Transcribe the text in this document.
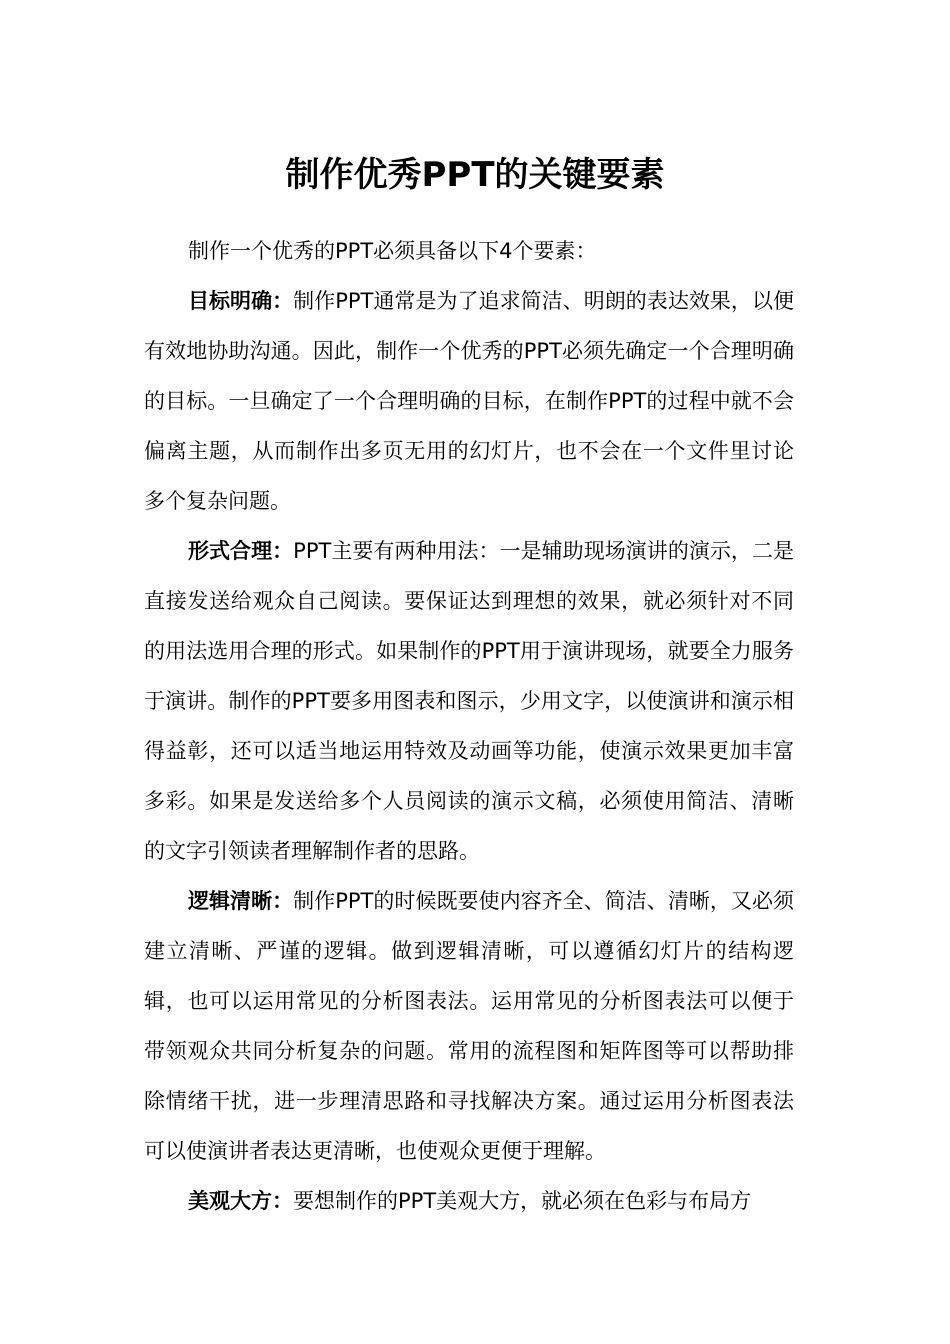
制作优秀PPT的关键要素

制作一个优秀的PPT必须具备以下4个要素：

目标明确：制作PPT通常是为了追求简洁、明朗的表达效果，以便有效地协助沟通。因此，制作一个优秀的PPT必须先确定一个合理明确的目标。一旦确定了一个合理明确的目标，在制作PPT的过程中就不会偏离主题，从而制作出多页无用的幻灯片，也不会在一个文件里讨论多个复杂问题。

形式合理：PPT主要有两种用法：一是辅助现场演讲的演示，二是直接发送给观众自己阅读。要保证达到理想的效果，就必须针对不同的用法选用合理的形式。如果制作的PPT用于演讲现场，就要全力服务于演讲。制作的PPT要多用图表和图示，少用文字，以使演讲和演示相得益彰，还可以适当地运用特效及动画等功能，使演示效果更加丰富多彩。如果是发送给多个人员阅读的演示文稿，必须使用简洁、清晰的文字引领读者理解制作者的思路。

逻辑清晰：制作PPT的时候既要使内容齐全、简洁、清晰，又必须建立清晰、严谨的逻辑。做到逻辑清晰，可以遵循幻灯片的结构逻辑，也可以运用常见的分析图表法。运用常见的分析图表法可以便于带领观众共同分析复杂的问题。常用的流程图和矩阵图等可以帮助排除情绪干扰，进一步理清思路和寻找解决方案。通过运用分析图表法可以使演讲者表达更清晰，也使观众更便于理解。

美观大方：要想制作的PPT美观大方，就必须在色彩与布局方
